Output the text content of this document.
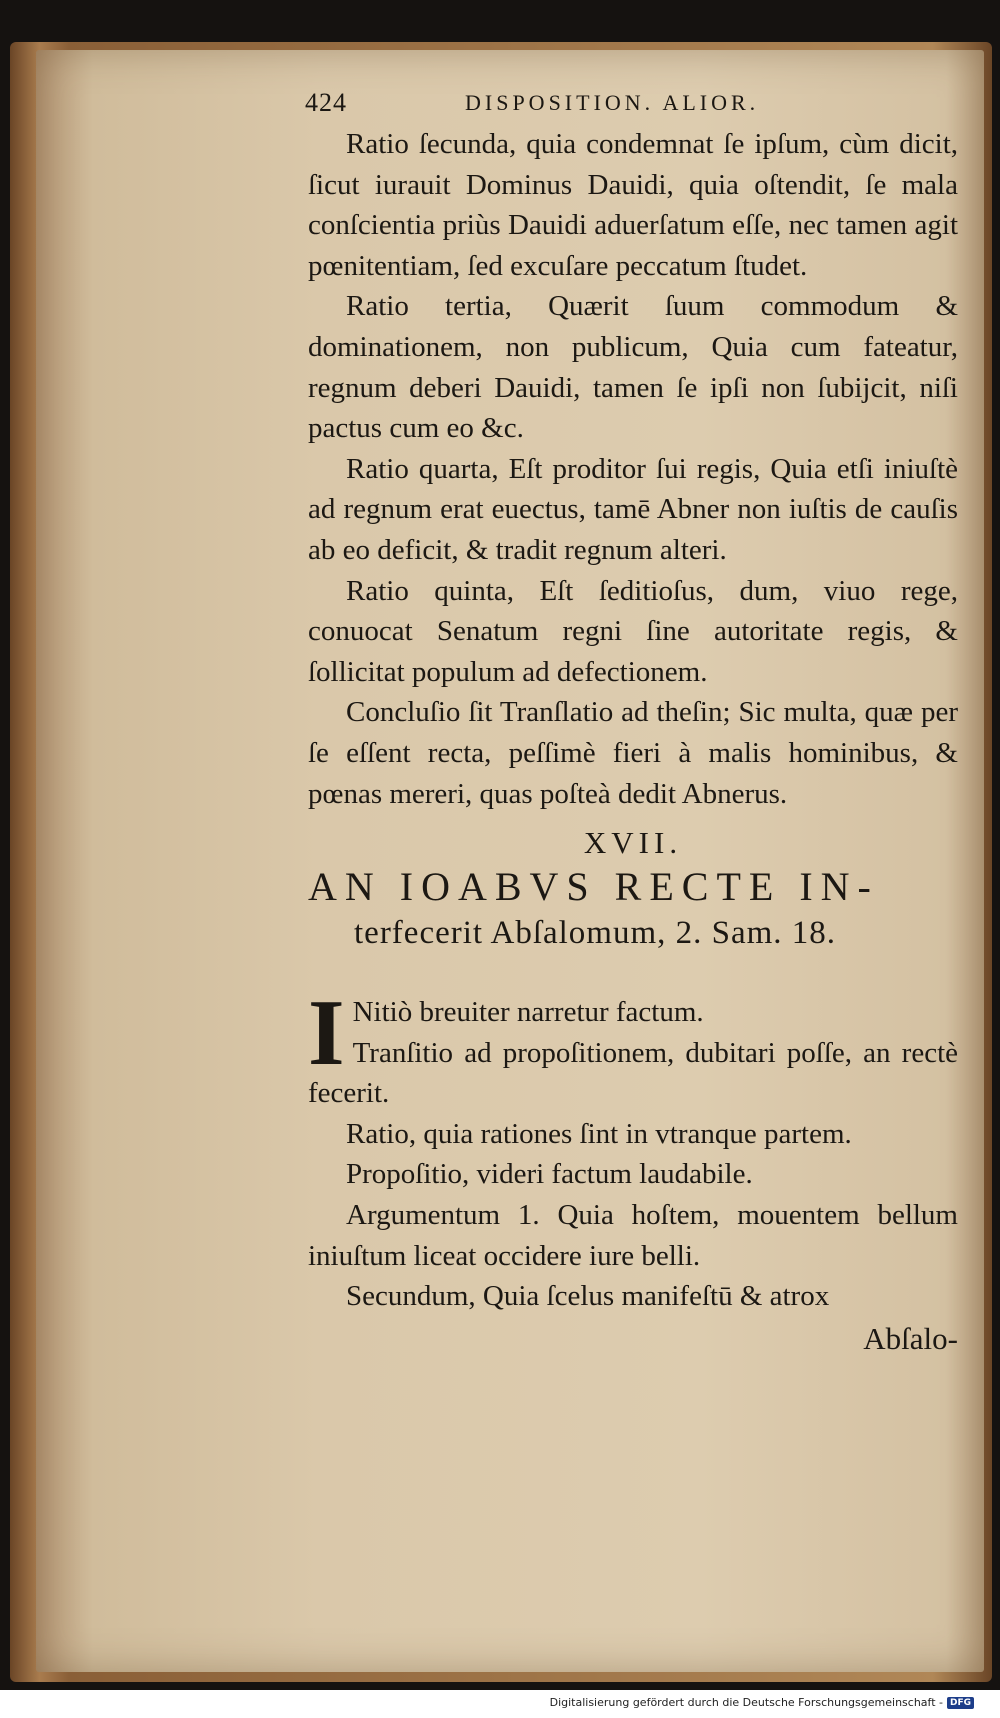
424	DISPOSITION. ALIOR.

Ratio ſecunda, quia condemnat ſe ipſum, cùm dicit, ſicut iurauit Dominus Dauidi, quia oſtendit, ſe mala conſcientia priùs Dauidi aduerſatum eſſe, nec tamen agit pœnitentiam, ſed excuſare peccatum ſtudet.

Ratio tertia, Quærit ſuum commodum & dominationem, non publicum, Quia cum fateatur, regnum deberi Dauidi, tamen ſe ipſi non ſubijcit, niſi pactus cum eo &c.

Ratio quarta, Eſt proditor ſui regis, Quia etſi iniuſtè ad regnum erat euectus, tamē Abner non iuſtis de cauſis ab eo deficit, & tradit regnum alteri.

Ratio quinta, Eſt ſeditioſus, dum, viuo rege, conuocat Senatum regni ſine autoritate regis, & ſollicitat populum ad defectionem.

Concluſio ſit Tranſlatio ad theſin; Sic multa, quæ per ſe eſſent recta, peſſimè fieri à malis hominibus, & pœnas mereri, quas poſteà dedit Abnerus.

XVII.

AN IOABVS RECTE IN-

terfecerit Abſalomum, 2. Sam. 18.
I Nitiò breuiter narretur factum.
Tranſitio ad propoſitionem, dubitari poſſe, an rectè fecerit.

Ratio, quia rationes ſint in vtranque partem.

Propoſitio, videri factum laudabile.

Argumentum 1. Quia hoſtem, mouentem bellum iniuſtum liceat occidere iure belli.

Secundum, Quia ſcelus manifeſtū & atrox

Abſalo-
Digitalisierung gefördert durch die Deutsche Forschungsgemeinschaft - DFG
